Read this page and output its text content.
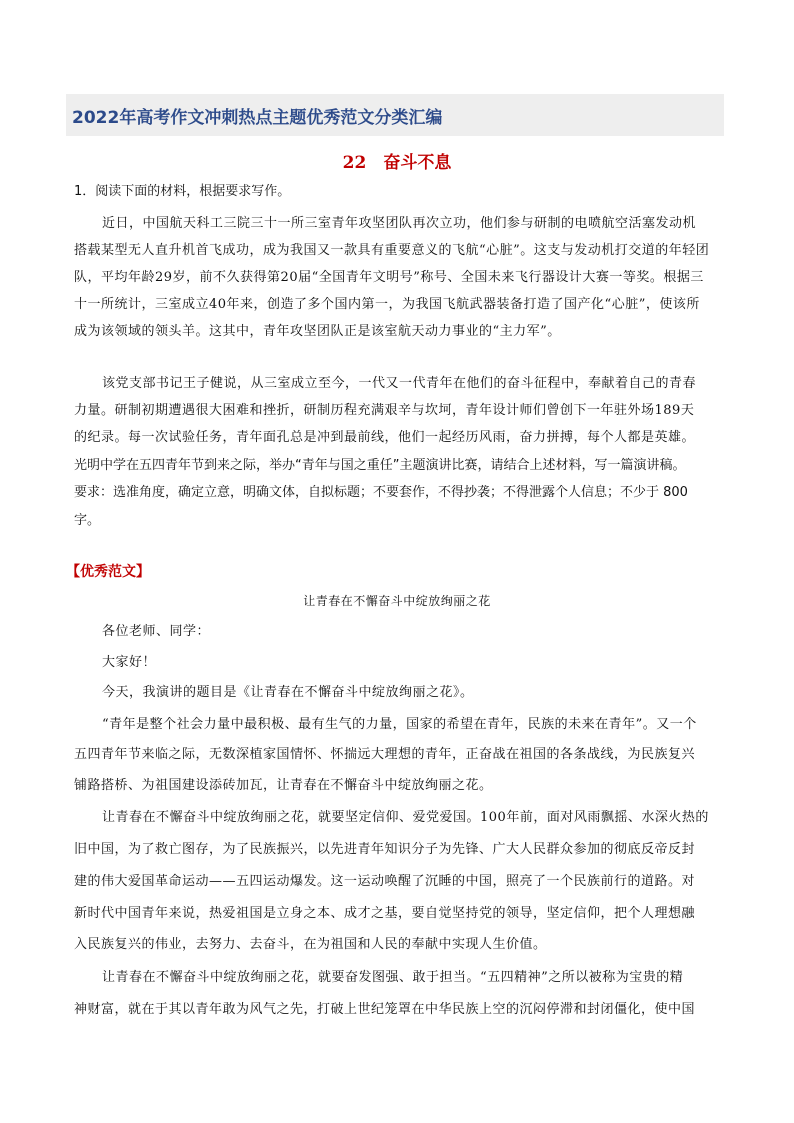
2022年高考作文冲刺热点主题优秀范文分类汇编
22　奋斗不息
1．阅读下面的材料，根据要求写作。
近日，中国航天科工三院三十一所三室青年攻坚团队再次立功，他们参与研制的电喷航空活塞发动机
搭载某型无人直升机首飞成功，成为我国又一款具有重要意义的飞航“心脏”。这支与发动机打交道的年轻团
队，平均年龄29岁，前不久获得第20届“全国青年文明号”称号、全国未来飞行器设计大赛一等奖。根据三
十一所统计，三室成立40年来，创造了多个国内第一，为我国飞航武器装备打造了国产化“心脏”，使该所
成为该领域的领头羊。这其中，青年攻坚团队正是该室航天动力事业的“主力军”。
该党支部书记王子健说，从三室成立至今，一代又一代青年在他们的奋斗征程中，奉献着自己的青春
力量。研制初期遭遇很大困难和挫折，研制历程充满艰辛与坎坷，青年设计师们曾创下一年驻外场189天
的纪录。每一次试验任务，青年面孔总是冲到最前线，他们一起经历风雨，奋力拼搏，每个人都是英雄。
光明中学在五四青年节到来之际，举办“青年与国之重任”主题演讲比赛，请结合上述材料，写一篇演讲稿。
要求：选准角度，确定立意，明确文体，自拟标题；不要套作，不得抄袭；不得泄露个人信息；不少于 800
字。
【优秀范文】
让青春在不懈奋斗中绽放绚丽之花
各位老师、同学：
大家好！
今天，我演讲的题目是《让青春在不懈奋斗中绽放绚丽之花》。
“青年是整个社会力量中最积极、最有生气的力量，国家的希望在青年，民族的未来在青年”。又一个
五四青年节来临之际，无数深植家国情怀、怀揣远大理想的青年，正奋战在祖国的各条战线，为民族复兴
铺路搭桥、为祖国建设添砖加瓦，让青春在不懈奋斗中绽放绚丽之花。
让青春在不懈奋斗中绽放绚丽之花，就要坚定信仰、爱党爱国。100年前，面对风雨飘摇、水深火热的
旧中国，为了救亡图存，为了民族振兴，以先进青年知识分子为先锋、广大人民群众参加的彻底反帝反封
建的伟大爱国革命运动——五四运动爆发。这一运动唤醒了沉睡的中国，照亮了一个民族前行的道路。对
新时代中国青年来说，热爱祖国是立身之本、成才之基，要自觉坚持党的领导，坚定信仰，把个人理想融
入民族复兴的伟业，去努力、去奋斗，在为祖国和人民的奉献中实现人生价值。
让青春在不懈奋斗中绽放绚丽之花，就要奋发图强、敢于担当。“五四精神”之所以被称为宝贵的精
神财富，就在于其以青年敢为风气之先，打破上世纪笼罩在中华民族上空的沉闷停滞和封闭僵化，使中国
